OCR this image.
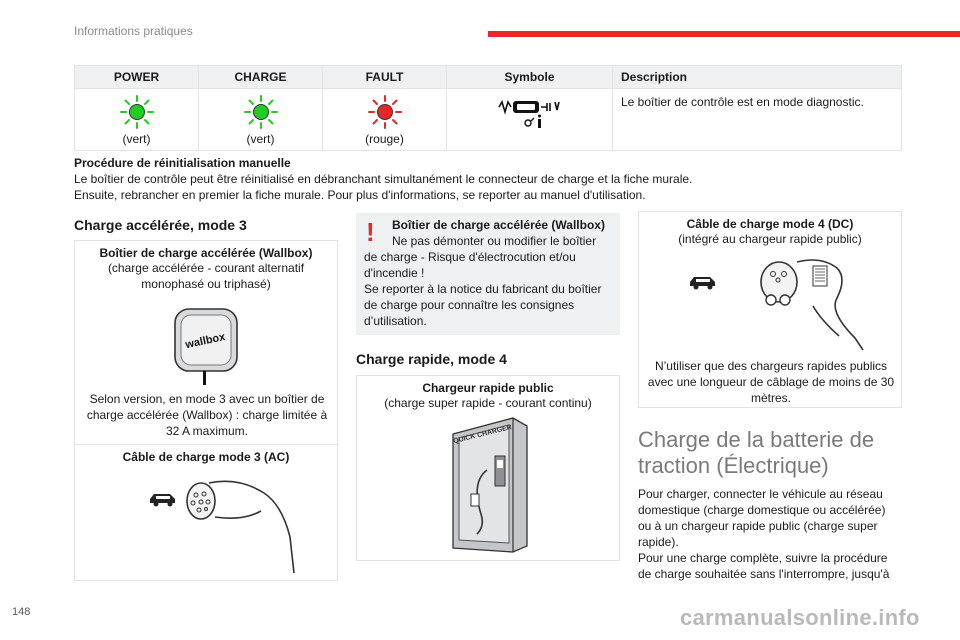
Informations pratiques
POWER	CHARGE	FAULT	Symbole	Description

(vert)	(vert)	(rouge)		Le boîtier de contrôle est en mode diagnostic.
Procédure de réinitialisation manuelle
Le boîtier de contrôle peut être réinitialisé en débranchant simultanément le connecteur de charge et la fiche murale.
Ensuite, rebrancher en premier la fiche murale. Pour plus d'informations, se reporter au manuel d'utilisation.
Charge accélérée, mode 3
Boîtier de charge accélérée (Wallbox)

(charge accélérée - courant alternatif monophasé ou triphasé)

wallbox

Selon version, en mode 3 avec un boîtier de charge accélérée (Wallbox) : charge limitée à 32 A maximum.

Câble de charge mode 3 (AC)
!	Boîtier de charge accélérée (Wallbox)
Ne pas démonter ou modifier le boîtier
de charge - Risque d'électrocution et/ou d'incendie !
Se reporter à la notice du fabricant du boîtier de charge pour connaître les consignes d’utilisation.
Charge rapide, mode 4
Chargeur rapide public

(charge super rapide - courant continu)

QUICK CHARGER
Câble de charge mode 4 (DC)

(intégré au chargeur rapide public)

N’utiliser que des chargeurs rapides publics avec une longueur de câblage de moins de 30 mètres.

Charge de la batterie de traction (Électrique)
Pour charger, connecter le véhicule au réseau domestique (charge domestique ou accélérée) ou à un chargeur rapide public (charge super rapide).
Pour une charge complète, suivre la procédure de charge souhaitée sans l'interrompre, jusqu'à
148	carmanualsonline.info
